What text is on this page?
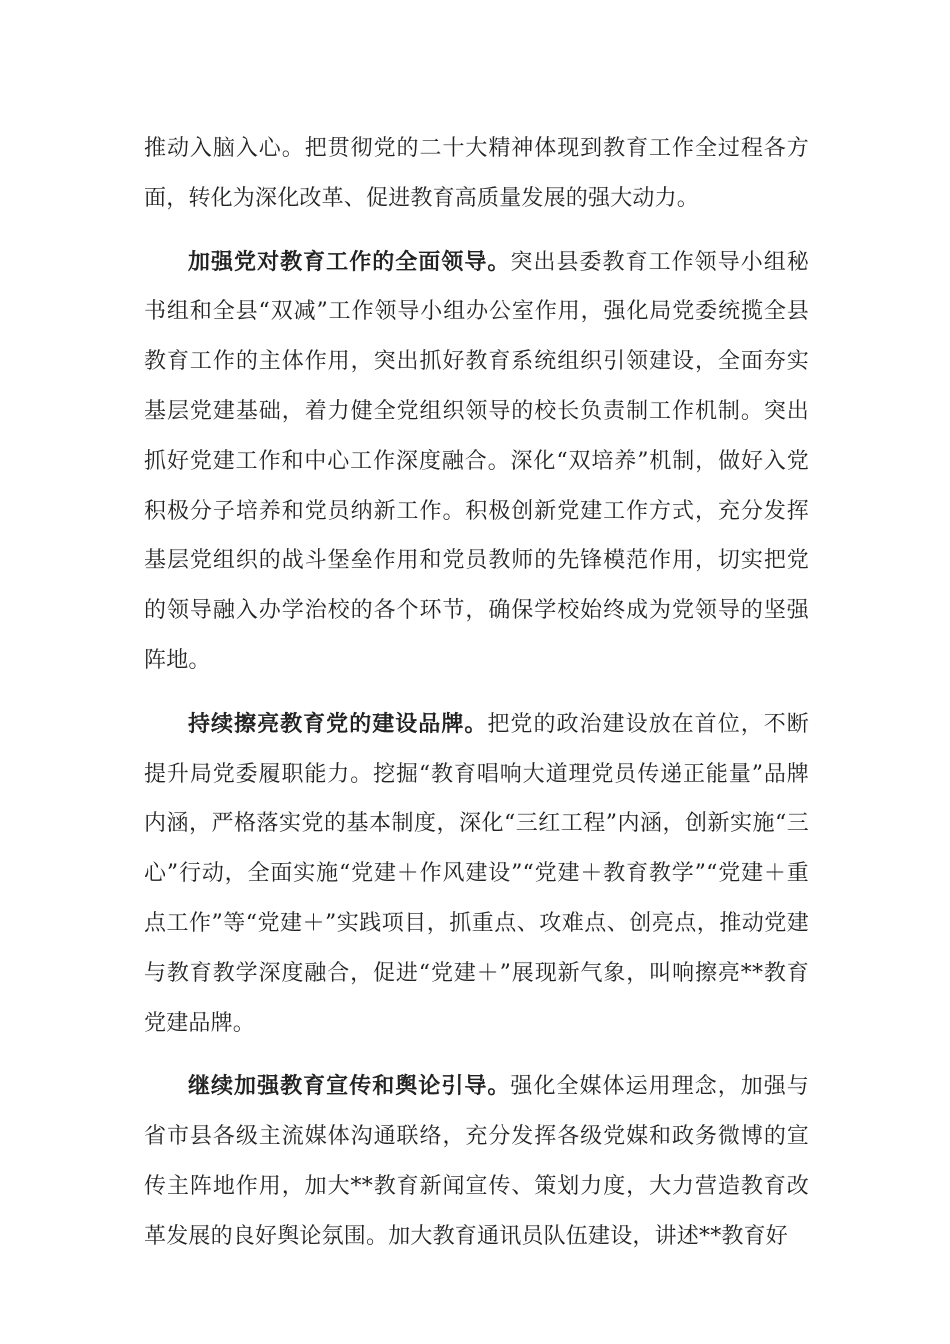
推动入脑入心。把贯彻党的二十大精神体现到教育工作全过程各方面，转化为深化改革、促进教育高质量发展的强大动力。

加强党对教育工作的全面领导。突出县委教育工作领导小组秘书组和全县“双减”工作领导小组办公室作用，强化局党委统揽全县教育工作的主体作用，突出抓好教育系统组织引领建设，全面夯实基层党建基础，着力健全党组织领导的校长负责制工作机制。突出抓好党建工作和中心工作深度融合。深化“双培养”机制，做好入党积极分子培养和党员纳新工作。积极创新党建工作方式，充分发挥基层党组织的战斗堡垒作用和党员教师的先锋模范作用，切实把党的领导融入办学治校的各个环节，确保学校始终成为党领导的坚强阵地。

持续擦亮教育党的建设品牌。把党的政治建设放在首位，不断提升局党委履职能力。挖掘“教育唱响大道理党员传递正能量”品牌内涵，严格落实党的基本制度，深化“三红工程”内涵，创新实施“三心”行动，全面实施“党建＋作风建设”“党建＋教育教学”“党建＋重点工作”等“党建＋”实践项目，抓重点、攻难点、创亮点，推动党建与教育教学深度融合，促进“党建＋”展现新气象，叫响擦亮**教育党建品牌。

继续加强教育宣传和舆论引导。强化全媒体运用理念，加强与省市县各级主流媒体沟通联络，充分发挥各级党媒和政务微博的宣传主阵地作用，加大**教育新闻宣传、策划力度，大力营造教育改革发展的良好舆论氛围。加大教育通讯员队伍建设，讲述**教育好
